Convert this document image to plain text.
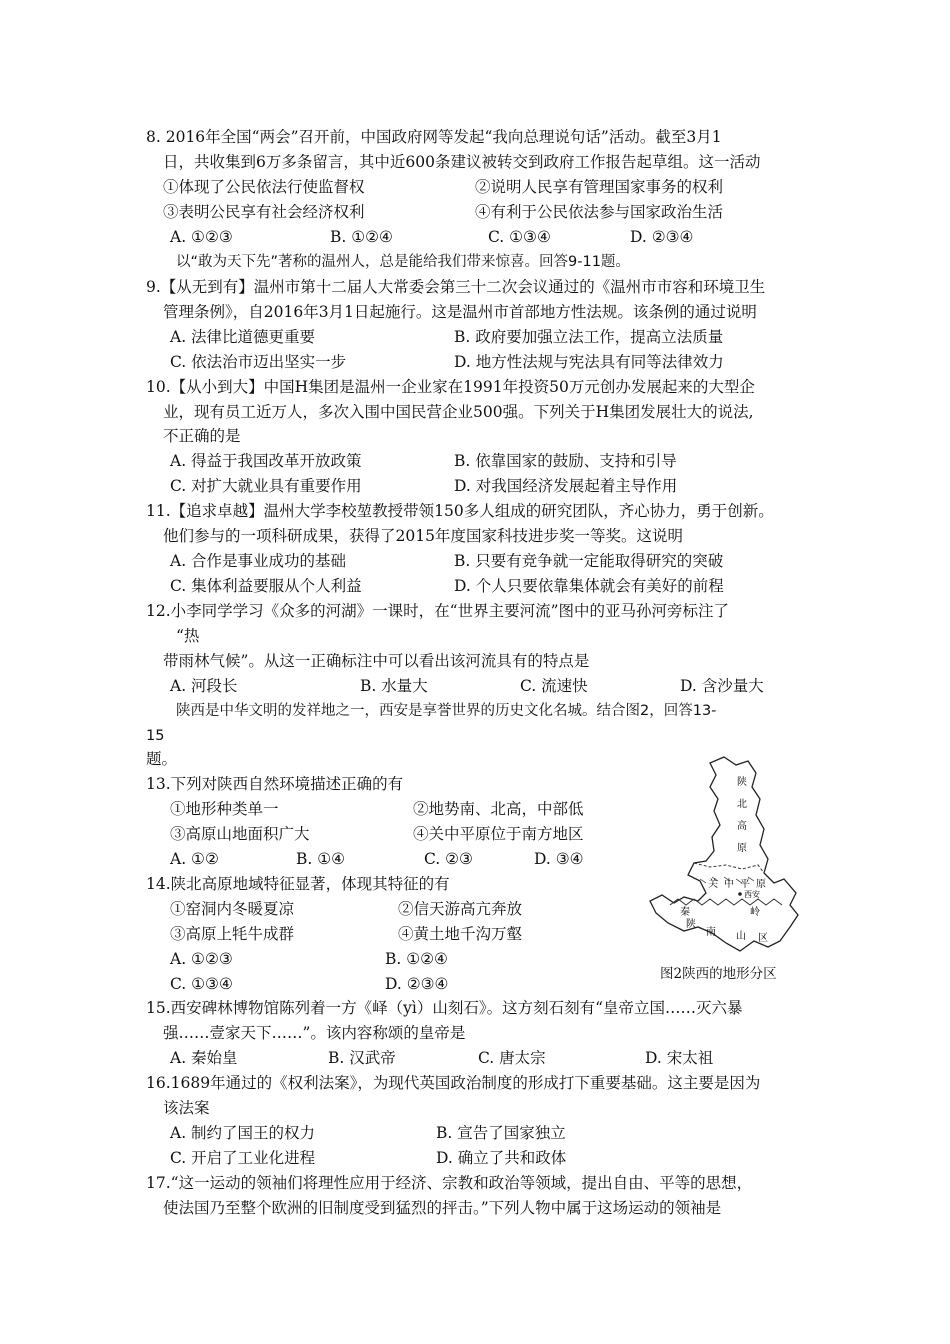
8. 2016年全国“两会”召开前，中国政府网等发起“我向总理说句话”活动。截至3月1
日，共收集到6万多条留言，其中近600条建议被转交到政府工作报告起草组。这一活动
①体现了公民依法行使监督权	②说明人民享有管理国家事务的权利
③表明公民享有社会经济权利	④有利于公民依法参与国家政治生活
A. ①②③	B. ①②④	C. ①③④	D. ②③④
以“敢为天下先”著称的温州人，总是能给我们带来惊喜。回答9-11题。
9.【从无到有】温州市第十二届人大常委会第三十二次会议通过的《温州市市容和环境卫生
管理条例》，自2016年3月1日起施行。这是温州市首部地方性法规。该条例的通过说明
A. 法律比道德更重要	B. 政府要加强立法工作，提高立法质量
C. 依法治市迈出坚实一步	D. 地方性法规与宪法具有同等法律效力
10.【从小到大】中国H集团是温州一企业家在1991年投资50万元创办发展起来的大型企
业，现有员工近万人，多次入围中国民营企业500强。下列关于H集团发展壮大的说法,
不正确的是
A. 得益于我国改革开放政策	B. 依靠国家的鼓励、支持和引导
C. 对扩大就业具有重要作用	D. 对我国经济发展起着主导作用
11.【追求卓越】温州大学李校堃教授带领150多人组成的研究团队，齐心协力，勇于创新。
他们参与的一项科研成果，获得了2015年度国家科技进步奖一等奖。这说明
A. 合作是事业成功的基础	B. 只要有竞争就一定能取得研究的突破
C. 集体利益要服从个人利益	D. 个人只要依靠集体就会有美好的前程
12.小李同学学习《众多的河湖》一课时，在“世界主要河流”图中的亚马孙河旁标注了
“热
带雨林气候”。从这一正确标注中可以看出该河流具有的特点是
A. 河段长	B. 水量大	C. 流速快	D. 含沙量大
陕西是中华文明的发祥地之一，西安是享誉世界的历史文化名城。结合图2，回答13-
15
题。
13.下列对陕西自然环境描述正确的有
①地形种类单一	②地势南、北高，中部低
③高原山地面积广大	④关中平原位于南方地区
A. ①②	B. ①④	C. ②③	D. ③④
14.陕北高原地域特征显著，体现其特征的有
①窑洞内冬暖夏凉	②信天游高亢奔放
③高原上牦牛成群	④黄土地千沟万壑
A. ①②③	B. ①②④
C. ①③④	D. ②③④
陕
北
高
原
关中平原
西安
秦岭
陕
南 山 区
图2陕西的地形分区
15.西安碑林博物馆陈列着一方《峄（yì）山刻石》。这方刻石刻有“皇帝立国……灭六暴
强……壹家天下……”。该内容称颂的皇帝是
A. 秦始皇	B. 汉武帝	C. 唐太宗	D. 宋太祖
16.1689年通过的《权利法案》，为现代英国政治制度的形成打下重要基础。这主要是因为
该法案
A. 制约了国王的权力	B. 宣告了国家独立
C. 开启了工业化进程	D. 确立了共和政体
17.“这一运动的领袖们将理性应用于经济、宗教和政治等领域，提出自由、平等的思想，
使法国乃至整个欧洲的旧制度受到猛烈的抨击。”下列人物中属于这场运动的领袖是
